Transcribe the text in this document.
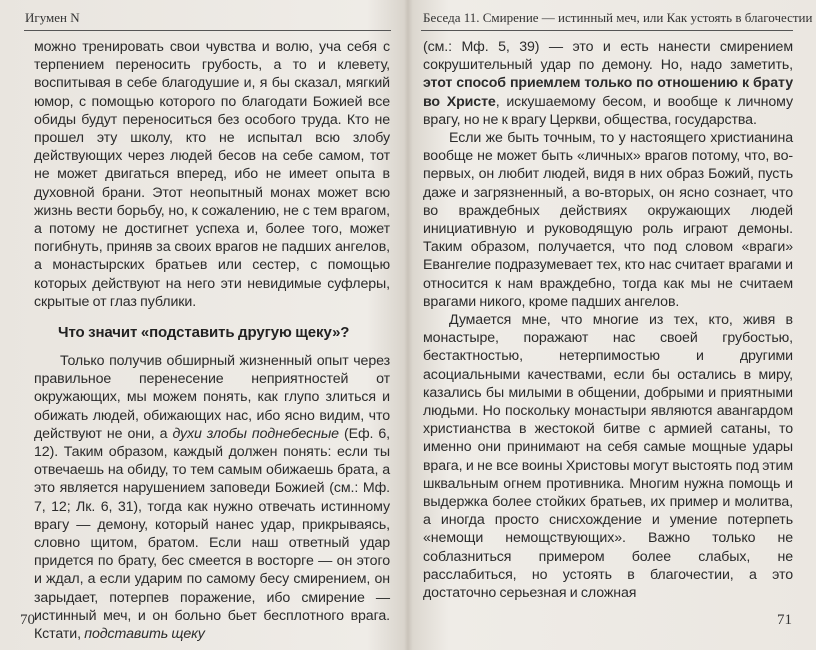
Игумен N

можно тренировать свои чувства и волю, уча себя с терпением переносить грубость, а то и клевету, воспитывая в себе благодушие и, я бы сказал, мягкий юмор, с помощью которого по благодати Божией все обиды будут переноситься без особого труда. Кто не прошел эту школу, кто не испытал всю злобу действующих через людей бесов на себе самом, тот не может двигаться вперед, ибо не имеет опыта в духовной брани. Этот неопытный монах может всю жизнь вести борьбу, но, к сожалению, не с тем врагом, а потому не достигнет успеха и, более того, может погибнуть, приняв за своих врагов не падших ангелов, а монастырских братьев или сестер, с помощью которых действуют на него эти невидимые суфлеры, скрытые от глаз публики.

Что значит «подставить другую щеку»?

Только получив обширный жизненный опыт через правильное перенесение неприятностей от окружающих, мы можем понять, как глупо злиться и обижать людей, обижающих нас, ибо ясно видим, что действуют не они, а духи злобы поднебесные (Еф. 6, 12). Таким образом, каждый должен понять: если ты отвечаешь на обиду, то тем самым обижаешь брата, а это является нарушением заповеди Божией (см.: Мф. 7, 12; Лк. 6, 31), тогда как нужно отвечать истинному врагу — демону, который нанес удар, прикрываясь, словно щитом, братом. Если наш ответный удар придется по брату, бес смеется в восторге — он этого и ждал, а если ударим по самому бесу смирением, он зарыдает, потерпев поражение, ибо смирение — истинный меч, и он больно бьет бесплотного врага. Кстати, подставить щеку

70
Беседа 11. Смирение — истинный меч, или Как устоять в благочестии

(см.: Мф. 5, 39) — это и есть нанести смирением сокрушительный удар по демону. Но, надо заметить, этот способ приемлем только по отношению к брату во Христе, искушаемому бесом, и вообще к личному врагу, но не к врагу Церкви, общества, государства.

Если же быть точным, то у настоящего христианина вообще не может быть «личных» врагов потому, что, во-первых, он любит людей, видя в них образ Божий, пусть даже и загрязненный, а во-вторых, он ясно сознает, что во враждебных действиях окружающих людей инициативную и руководящую роль играют демоны. Таким образом, получается, что под словом «враги» Евангелие подразумевает тех, кто нас считает врагами и относится к нам враждебно, тогда как мы не считаем врагами никого, кроме падших ангелов.

Думается мне, что многие из тех, кто, живя в монастыре, поражают нас своей грубостью, бестактностью, нетерпимостью и другими асоциальными качествами, если бы остались в миру, казались бы милыми в общении, добрыми и приятными людьми. Но поскольку монастыри являются авангардом христианства в жестокой битве с армией сатаны, то именно они принимают на себя самые мощные удары врага, и не все воины Христовы могут выстоять под этим шквальным огнем противника. Многим нужна помощь и выдержка более стойких братьев, их пример и молитва, а иногда просто снисхождение и умение потерпеть «немощи немощствующих». Важно только не соблазниться примером более слабых, не расслабиться, но устоять в благочестии, а это достаточно серьезная и сложная

71
